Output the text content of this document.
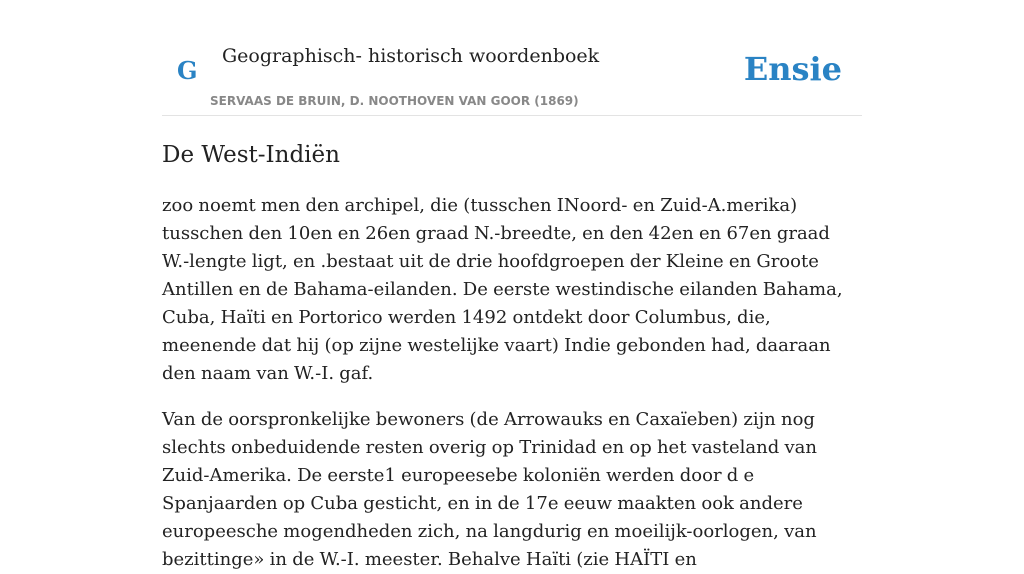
G Geographisch- historisch woordenboek
SERVAAS DE BRUIN, D. NOOTHOVEN VAN GOOR (1869)
Ensie
De West-Indiën

zoo noemt men den archipel, die (tusschen INoord- en Zuid-A.merika) tusschen den 10en en 26en graad N.-breedte, en den 42en en 67en graad W.-lengte ligt, en .bestaat uit de drie hoofdgroepen der Kleine en Groote Antillen en de Bahama-eilanden. De eerste westindische eilanden Bahama, Cuba, Haïti en Portorico werden 1492 ontdekt door Columbus, die, meenende dat hij (op zijne westelijke vaart) Indie gebonden had, daaraan den naam van W.-I. gaf.

Van de oorspronkelijke bewoners (de Arrowauks en Caxaïeben) zijn nog slechts onbeduidende resten overig op Trinidad en op het vasteland van Zuid-Amerika. De eerste1 europeesebe koloniën werden door d e Spanjaarden op Cuba gesticht, en in de 17e eeuw maakten ook andere europeesche mogendheden zich, na langdurig en moeilijk-oorlogen, van bezittinge» in de W.-I. meester. Behalve Haïti (zie HAÏTI en
